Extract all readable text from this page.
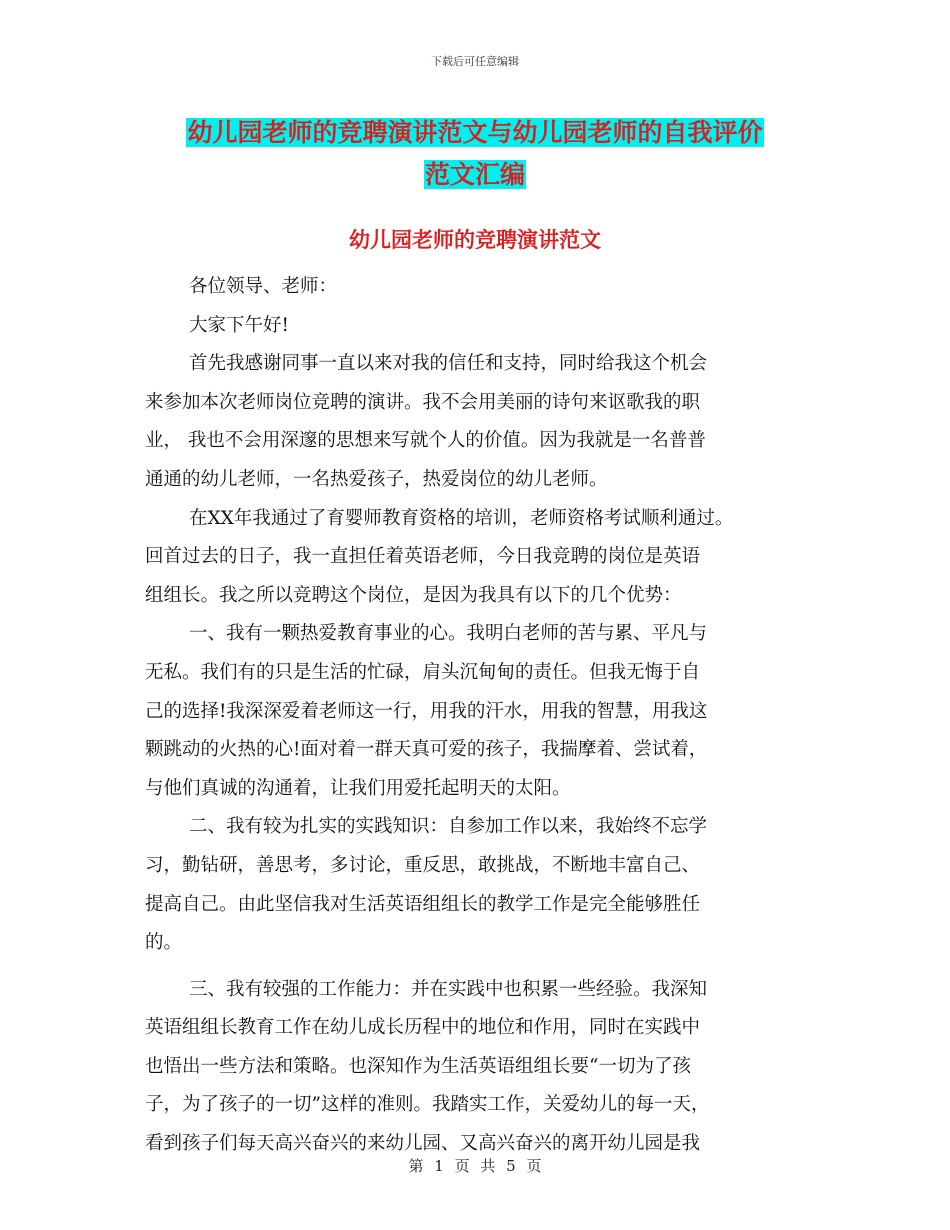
下载后可任意编辑
幼儿园老师的竞聘演讲范文与幼儿园老师的自我评价
范文汇编
幼儿园老师的竞聘演讲范文
各位领导、老师：
大家下午好!
首先我感谢同事一直以来对我的信任和支持，同时给我这个机会
来参加本次老师岗位竞聘的演讲。我不会用美丽的诗句来讴歌我的职
业， 我也不会用深邃的思想来写就个人的价值。因为我就是一名普普
通通的幼儿老师，一名热爱孩子，热爱岗位的幼儿老师。
在XX年我通过了育婴师教育资格的培训，老师资格考试顺利通过。
回首过去的日子，我一直担任着英语老师，今日我竞聘的岗位是英语
组组长。我之所以竞聘这个岗位，是因为我具有以下的几个优势：
一、我有一颗热爱教育事业的心。我明白老师的苦与累、平凡与
无私。我们有的只是生活的忙碌，肩头沉甸甸的责任。但我无悔于自
己的选择!我深深爱着老师这一行，用我的汗水，用我的智慧，用我这
颗跳动的火热的心!面对着一群天真可爱的孩子，我揣摩着、尝试着，
与他们真诚的沟通着，让我们用爱托起明天的太阳。
二、我有较为扎实的实践知识：自参加工作以来，我始终不忘学
习，勤钻研，善思考，多讨论，重反思，敢挑战，不断地丰富自己、
提高自己。由此坚信我对生活英语组组长的教学工作是完全能够胜任
的。
三、我有较强的工作能力：并在实践中也积累一些经验。我深知
英语组组长教育工作在幼儿成长历程中的地位和作用，同时在实践中
也悟出一些方法和策略。也深知作为生活英语组组长要“一切为了孩
子，为了孩子的一切”这样的准则。我踏实工作，关爱幼儿的每一天，
看到孩子们每天高兴奋兴的来幼儿园、又高兴奋兴的离开幼儿园是我
第 1 页 共 5 页
